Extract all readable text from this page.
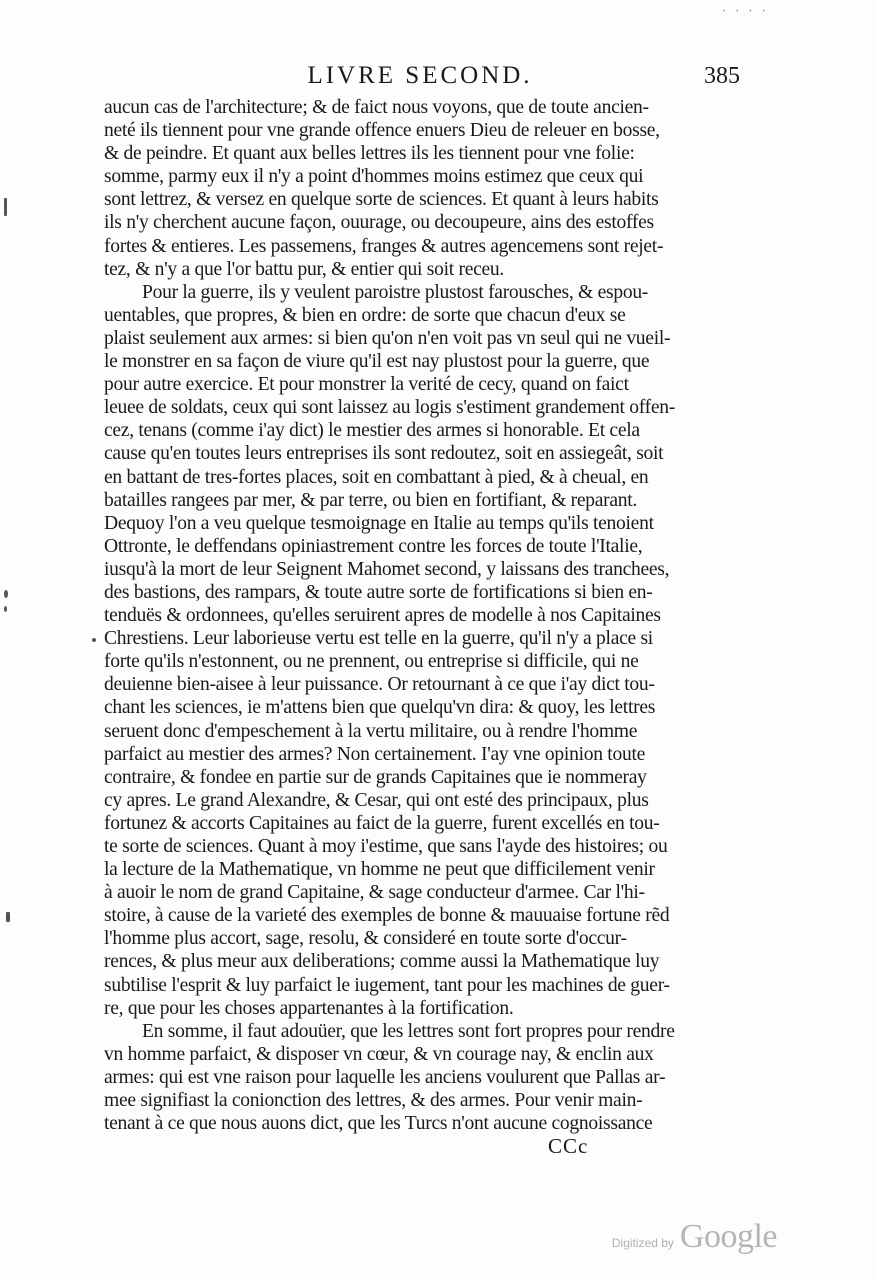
· · · ·
LIVRE SECOND.	385
aucun cas de l'architecture; & de faict nous voyons, que de toute ancien-
neté ils tiennent pour vne grande offence enuers Dieu de releuer en bosse,
& de peindre. Et quant aux belles lettres ils les tiennent pour vne folie:
somme, parmy eux il n'y a point d'hommes moins estimez que ceux qui
sont lettrez, & versez en quelque sorte de sciences. Et quant à leurs habits
ils n'y cherchent aucune façon, ouurage, ou decoupeure, ains des estoffes
fortes & entieres. Les passemens, franges & autres agencemens sont rejet-
tez, & n'y a que l'or battu pur, & entier qui soit receu.
Pour la guerre, ils y veulent paroistre plustost farousches, & espou-
uentables, que propres, & bien en ordre: de sorte que chacun d'eux se
plaist seulement aux armes: si bien qu'on n'en voit pas vn seul qui ne vueil-
le monstrer en sa façon de viure qu'il est nay plustost pour la guerre, que
pour autre exercice. Et pour monstrer la verité de cecy, quand on faict
leuee de soldats, ceux qui sont laissez au logis s'estiment grandement offen-
cez, tenans (comme i'ay dict) le mestier des armes si honorable. Et cela
cause qu'en toutes leurs entreprises ils sont redoutez, soit en assiegeât, soit
en battant de tres-fortes places, soit en combattant à pied, & à cheual, en
batailles rangees par mer, & par terre, ou bien en fortifiant, & reparant.
Dequoy l'on a veu quelque tesmoignage en Italie au temps qu'ils tenoient
Ottronte, le deffendans opiniastrement contre les forces de toute l'Italie,
iusqu'à la mort de leur Seignent Mahomet second, y laissans des tranchees,
des bastions, des rampars, & toute autre sorte de fortifications si bien en-
tenduës & ordonnees, qu'elles seruirent apres de modelle à nos Capitaines
Chrestiens. Leur laborieuse vertu est telle en la guerre, qu'il n'y a place si
forte qu'ils n'estonnent, ou ne prennent, ou entreprise si difficile, qui ne
deuienne bien-aisee à leur puissance. Or retournant à ce que i'ay dict tou-
chant les sciences, ie m'attens bien que quelqu'vn dira: & quoy, les lettres
seruent donc d'empeschement à la vertu militaire, ou à rendre l'homme
parfaict au mestier des armes? Non certainement. I'ay vne opinion toute
contraire, & fondee en partie sur de grands Capitaines que ie nommeray
cy apres. Le grand Alexandre, & Cesar, qui ont esté des principaux, plus
fortunez & accorts Capitaines au faict de la guerre, furent excellés en tou-
te sorte de sciences. Quant à moy i'estime, que sans l'ayde des histoires; ou
la lecture de la Mathematique, vn homme ne peut que difficilement venir
à auoir le nom de grand Capitaine, & sage conducteur d'armee. Car l'hi-
stoire, à cause de la varieté des exemples de bonne & mauuaise fortune rẽd
l'homme plus accort, sage, resolu, & consideré en toute sorte d'occur-
rences, & plus meur aux deliberations; comme aussi la Mathematique luy
subtilise l'esprit & luy parfaict le iugement, tant pour les machines de guer-
re, que pour les choses appartenantes à la fortification.
En somme, il faut adouüer, que les lettres sont fort propres pour rendre
vn homme parfaict, & disposer vn cœur, & vn courage nay, & enclin aux
armes: qui est vne raison pour laquelle les anciens voulurent que Pallas ar-
mee signifiast la conionction des lettres, & des armes. Pour venir main-
tenant à ce que nous auons dict, que les Turcs n'ont aucune cognoissance
CCc
Digitized by Google
